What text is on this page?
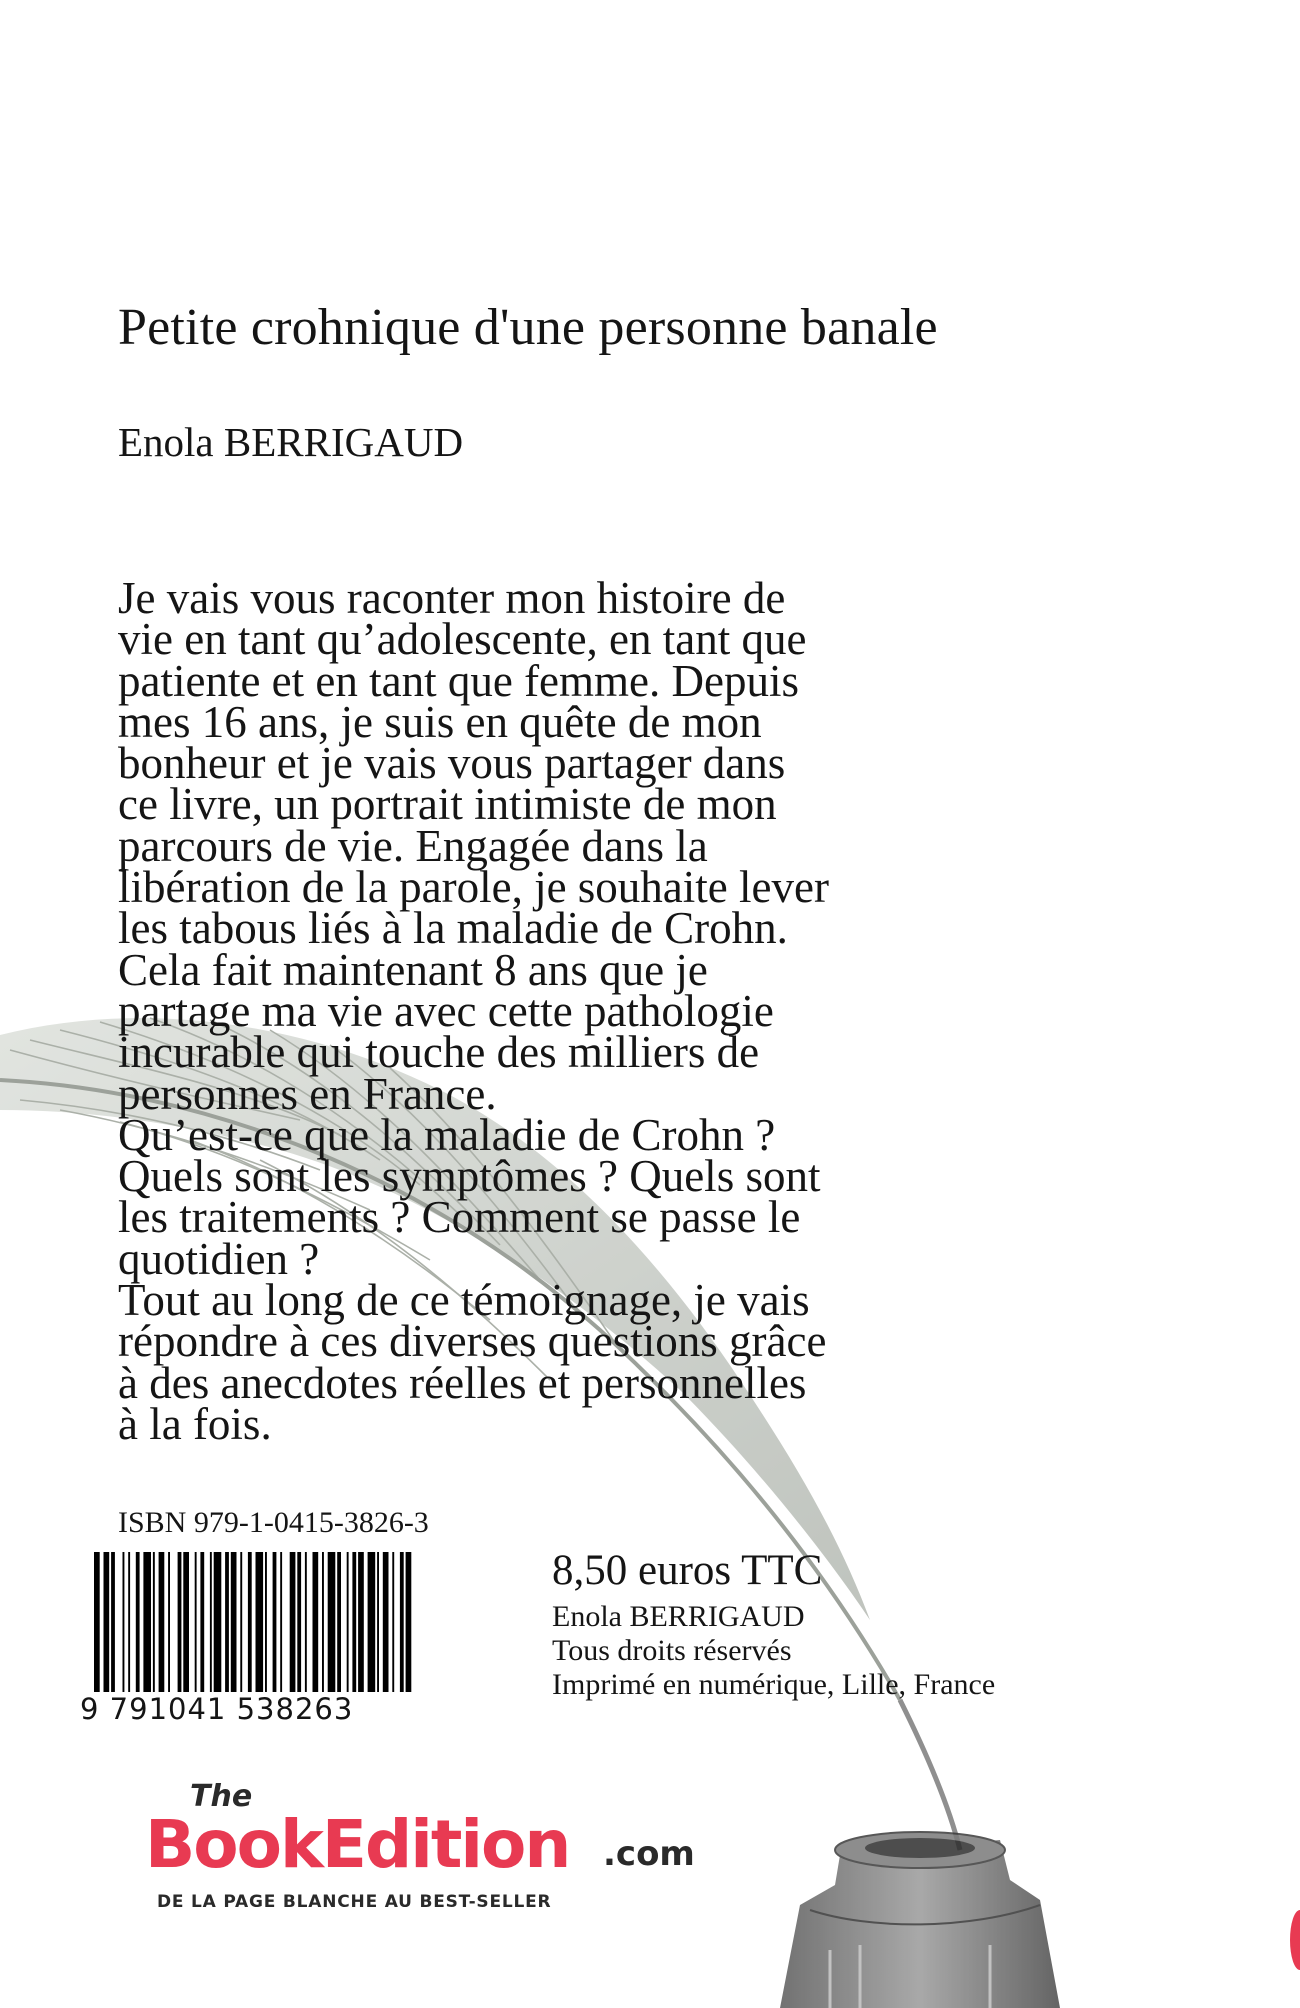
Petite crohnique d'une personne banale
Enola BERRIGAUD

Je vais vous raconter mon histoire de

vie en tant qu’adolescente, en tant que

patiente et en tant que femme. Depuis

mes 16 ans, je suis en quête de mon

bonheur et je vais vous partager dans

ce livre, un portrait intimiste de mon

parcours de vie. Engagée dans la

libération de la parole, je souhaite lever

les tabous liés à la maladie de Crohn.

Cela fait maintenant 8 ans que je

partage ma vie avec cette pathologie

incurable qui touche des milliers de

personnes en France.

Qu’est-ce que la maladie de Crohn ?

Quels sont les symptômes ? Quels sont

les traitements ? Comment se passe le

quotidien ?

Tout au long de ce témoignage, je vais

répondre à ces diverses questions grâce

à des anecdotes réelles et personnelles

à la fois.

ISBN 979-1-0415-3826-3
9 791041 538263
8,50 euros TTC
Enola BERRIGAUD
Tous droits réservés
Imprimé en numérique, Lille, France
The
BookEdition .com
DE LA PAGE BLANCHE AU BEST-SELLER
